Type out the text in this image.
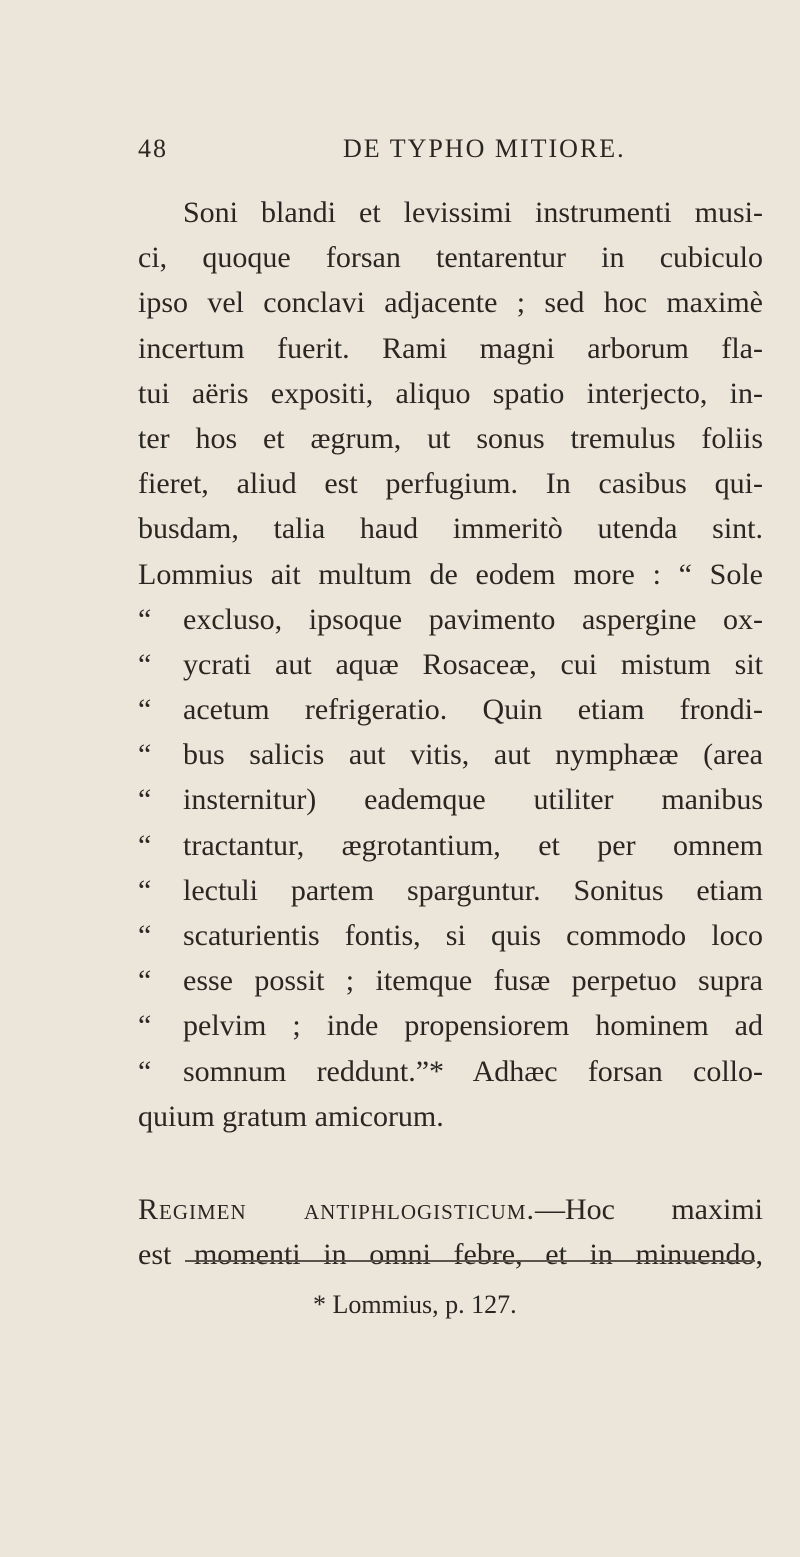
48	DE TYPHO MITIORE.
Soni blandi et levissimi instrumenti musi-
ci, quoque forsan tentarentur in cubiculo
ipso vel conclavi adjacente ; sed hoc maximè
incertum fuerit. Rami magni arborum fla-
tui aëris expositi, aliquo spatio interjecto, in-
ter hos et ægrum, ut sonus tremulus foliis
fieret, aliud est perfugium. In casibus qui-
busdam, talia haud immeritò utenda sint.
Lommius ait multum de eodem more : “ Sole
“	excluso, ipsoque pavimento aspergine ox-
“	ycrati aut aquæ Rosaceæ, cui mistum sit
“	acetum refrigeratio. Quin etiam frondi-
“	bus salicis aut vitis, aut nymphææ (area
“	insternitur) eademque utiliter manibus
“	tractantur, ægrotantium, et per omnem
“	lectuli partem sparguntur. Sonitus etiam
“	scaturientis fontis, si quis commodo loco
“	esse possit ; itemque fusæ perpetuo supra
“	pelvim ; inde propensiorem hominem ad
“	somnum reddunt.”* Adhæc forsan collo-
quium gratum amicorum.
Regimen antiphlogisticum.—Hoc maximi
est momenti in omni febre, et in minuendo,
* Lommius, p. 127.
